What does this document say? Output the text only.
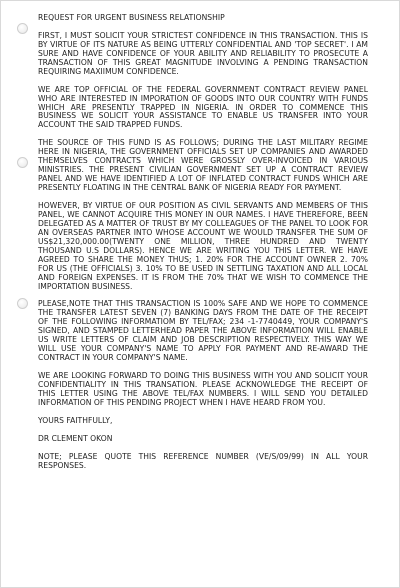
REQUEST FOR URGENT BUSINESS RELATIONSHIP

FIRST, I MUST SOLICIT YOUR STRICTEST CONFIDENCE IN THIS TRANSACTION. THIS IS BY VIRTUE OF ITS NATURE AS BEING UTTERLY CONFIDENTIAL AND 'TOP SECRET'. I AM SURE AND HAVE CONFIDENCE OF YOUR ABILITY AND RELIABILITY TO PROSECUTE A TRANSACTION OF THIS GREAT MAGNITUDE INVOLVING A PENDING TRANSACTION REQUIRING MAXIIMUM CONFIDENCE.

WE ARE TOP OFFICIAL OF THE FEDERAL GOVERNMENT CONTRACT REVIEW PANEL WHO ARE INTERESTED IN IMPORATION OF GOODS INTO OUR COUNTRY WITH FUNDS WHICH ARE PRESENTLY TRAPPED IN NIGERIA. IN ORDER TO COMMENCE THIS BUSINESS WE SOLICIT YOUR ASSISTANCE TO ENABLE US TRANSFER INTO YOUR ACCOUNT THE SAID TRAPPED FUNDS.

THE SOURCE OF THIS FUND IS AS FOLLOWS; DURING THE LAST MILITARY REGIME HERE IN NIGERIA, THE GOVERNMENT OFFICIALS SET UP COMPANIES AND AWARDED THEMSELVES CONTRACTS WHICH WERE GROSSLY OVER-INVOICED IN VARIOUS MINISTRIES. THE PRESENT CIVILIAN GOVERNMENT SET UP A CONTRACT REVIEW PANEL AND WE HAVE IDENTIFIED A LOT OF INFLATED CONTRACT FUNDS WHICH ARE PRESENTLY FLOATING IN THE CENTRAL BANK OF NIGERIA READY FOR PAYMENT.

HOWEVER, BY VIRTUE OF OUR POSITION AS CIVIL SERVANTS AND MEMBERS OF THIS PANEL, WE CANNOT ACQUIRE THIS MONEY IN OUR NAMES. I HAVE THEREFORE, BEEN DELEGATED AS A MATTER OF TRUST BY MY COLLEAGUES OF THE PANEL TO LOOK FOR AN OVERSEAS PARTNER INTO WHOSE ACCOUNT WE WOULD TRANSFER THE SUM OF US$21,320,000.00(TWENTY ONE MILLION, THREE HUNDRED AND TWENTY THOUSAND U.S DOLLARS). HENCE WE ARE WRITING YOU THIS LETTER. WE HAVE AGREED TO SHARE THE MONEY THUS; 1. 20% FOR THE ACCOUNT OWNER 2. 70% FOR US (THE OFFICIALS) 3. 10% TO BE USED IN SETTLING TAXATION AND ALL LOCAL AND FOREIGN EXPENSES. IT IS FROM THE 70% THAT WE WISH TO COMMENCE THE IMPORTATION BUSINESS.

PLEASE,NOTE THAT THIS TRANSACTION IS 100% SAFE AND WE HOPE TO COMMENCE THE TRANSFER LATEST SEVEN (7) BANKING DAYS FROM THE DATE OF THE RECEIPT OF THE FOLLOWING INFORMATIOM BY TEL/FAX; 234 -1-7740449, YOUR COMPANY'S SIGNED, AND STAMPED LETTERHEAD PAPER THE ABOVE INFORMATION WILL ENABLE US WRITE LETTERS OF CLAIM AND JOB DESCRIPTION RESPECTIVELY. THIS WAY WE WILL USE YOUR COMPANY'S NAME TO APPLY FOR PAYMENT AND RE-AWARD THE CONTRACT IN YOUR COMPANY'S NAME.

WE ARE LOOKING FORWARD TO DOING THIS BUSINESS WITH YOU AND SOLICIT YOUR CONFIDENTIALITY IN THIS TRANSATION. PLEASE ACKNOWLEDGE THE RECEIPT OF THIS LETTER USING THE ABOVE TEL/FAX NUMBERS. I WILL SEND YOU DETAILED INFORMATION OF THIS PENDING PROJECT WHEN I HAVE HEARD FROM YOU.

YOURS FAITHFULLY,

DR CLEMENT OKON

NOTE; PLEASE QUOTE THIS REFERENCE NUMBER (VE/S/09/99) IN ALL YOUR RESPONSES.
